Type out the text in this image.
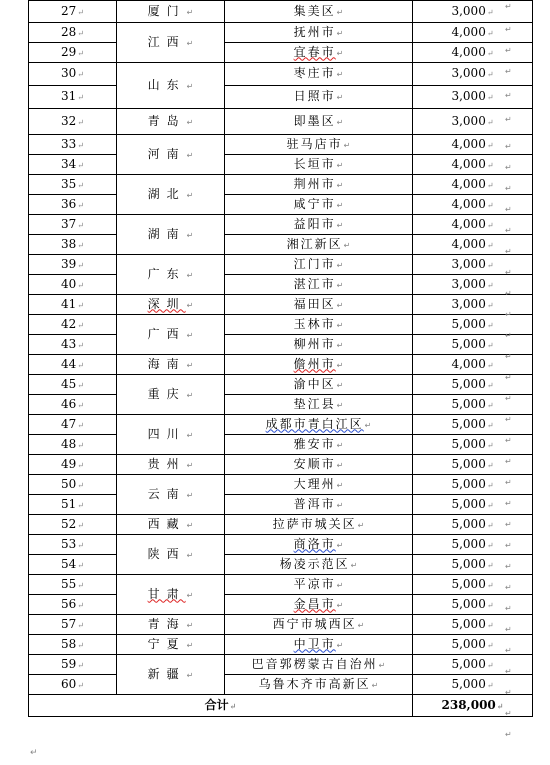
27↵	厦门↵	集美区↵	3,000↵
28↵	江西↵	抚州市↵	4,000↵
29↵		宜春市↵	4,000↵
30↵	山东↵	枣庄市↵	3,000↵
31↵		日照市↵	3,000↵
32↵	青岛↵	即墨区↵	3,000↵
33↵	河南↵	驻马店市↵	4,000↵
34↵		长垣市↵	4,000↵
35↵	湖北↵	荆州市↵	4,000↵
36↵		咸宁市↵	4,000↵
37↵	湖南↵	益阳市↵	4,000↵
38↵		湘江新区↵	4,000↵
39↵	广东↵	江门市↵	3,000↵
40↵		湛江市↵	3,000↵
41↵	深圳↵	福田区↵	3,000↵
42↵	广西↵	玉林市↵	5,000↵
43↵		柳州市↵	5,000↵
44↵	海南↵	儋州市↵	4,000↵
45↵	重庆↵	渝中区↵	5,000↵
46↵		垫江县↵	5,000↵
47↵	四川↵	成都市青白江区↵	5,000↵
48↵		雅安市↵	5,000↵
49↵	贵州↵	安顺市↵	5,000↵
50↵	云南↵	大理州↵	5,000↵
51↵		普洱市↵	5,000↵
52↵	西藏↵	拉萨市城关区↵	5,000↵
53↵	陕西↵	商洛市↵	5,000↵
54↵		杨凌示范区↵	5,000↵
55↵	甘肃↵	平凉市↵	5,000↵
56↵		金昌市↵	5,000↵
57↵	青海↵	西宁市城西区↵	5,000↵
58↵	宁夏↵	中卫市↵	5,000↵
59↵	新疆↵	巴音郭楞蒙古自治州↵	5,000↵
60↵		乌鲁木齐市高新区↵	5,000↵
合计↵			238,000↵
↵
↵
↵
↵
↵
↵
↵
↵
↵
↵
↵
↵
↵
↵
↵
↵
↵
↵
↵
↵
↵
↵
↵
↵
↵
↵
↵
↵
↵
↵
↵
↵
↵
↵
↵
↵
